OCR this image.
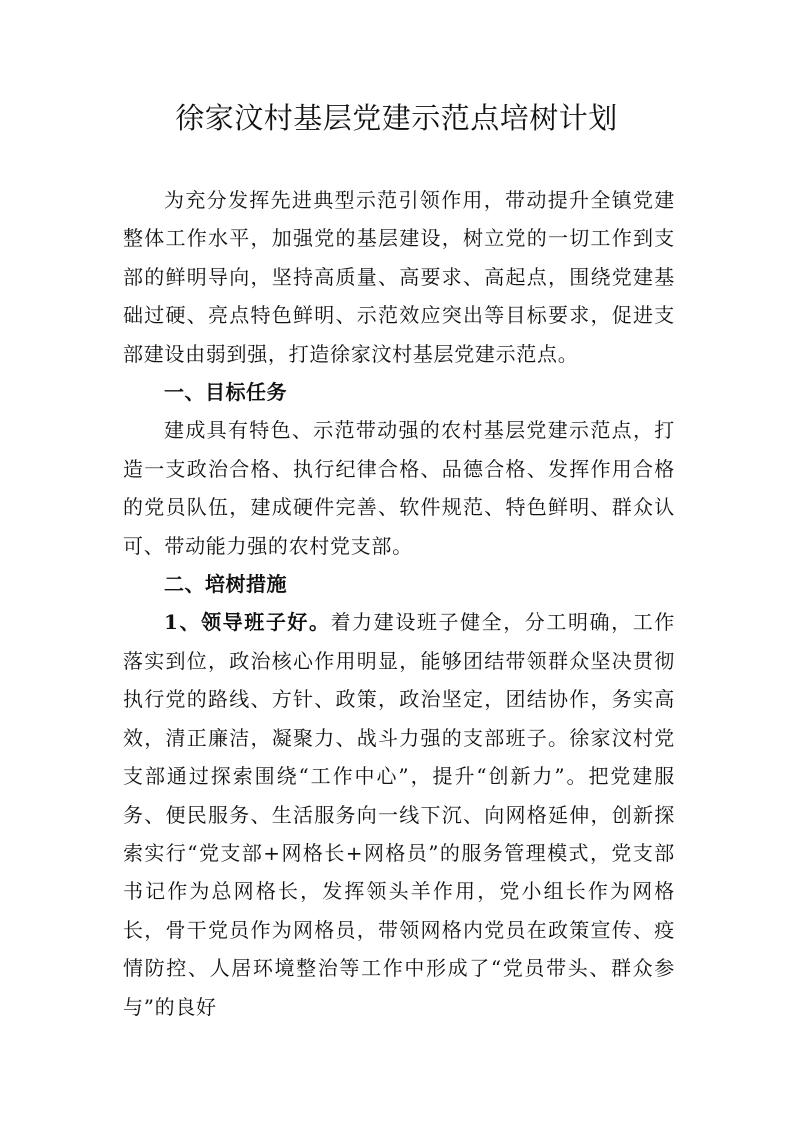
徐家汶村基层党建示范点培树计划

为充分发挥先进典型示范引领作用，带动提升全镇党建整体工作水平，加强党的基层建设，树立党的一切工作到支部的鲜明导向，坚持高质量、高要求、高起点，围绕党建基础过硬、亮点特色鲜明、示范效应突出等目标要求，促进支部建设由弱到强，打造徐家汶村基层党建示范点。

一、目标任务

建成具有特色、示范带动强的农村基层党建示范点，打造一支政治合格、执行纪律合格、品德合格、发挥作用合格的党员队伍，建成硬件完善、软件规范、特色鲜明、群众认可、带动能力强的农村党支部。

二、培树措施

1、领导班子好。着力建设班子健全，分工明确，工作落实到位，政治核心作用明显，能够团结带领群众坚决贯彻执行党的路线、方针、政策，政治坚定，团结协作，务实高效，清正廉洁，凝聚力、战斗力强的支部班子。徐家汶村党支部通过探索围绕“工作中心”，提升“创新力”。把党建服务、便民服务、生活服务向一线下沉、向网格延伸，创新探索实行“党支部+网格长+网格员”的服务管理模式，党支部书记作为总网格长，发挥领头羊作用，党小组长作为网格长，骨干党员作为网格员，带领网格内党员在政策宣传、疫情防控、人居环境整治等工作中形成了“党员带头、群众参与”的良好
